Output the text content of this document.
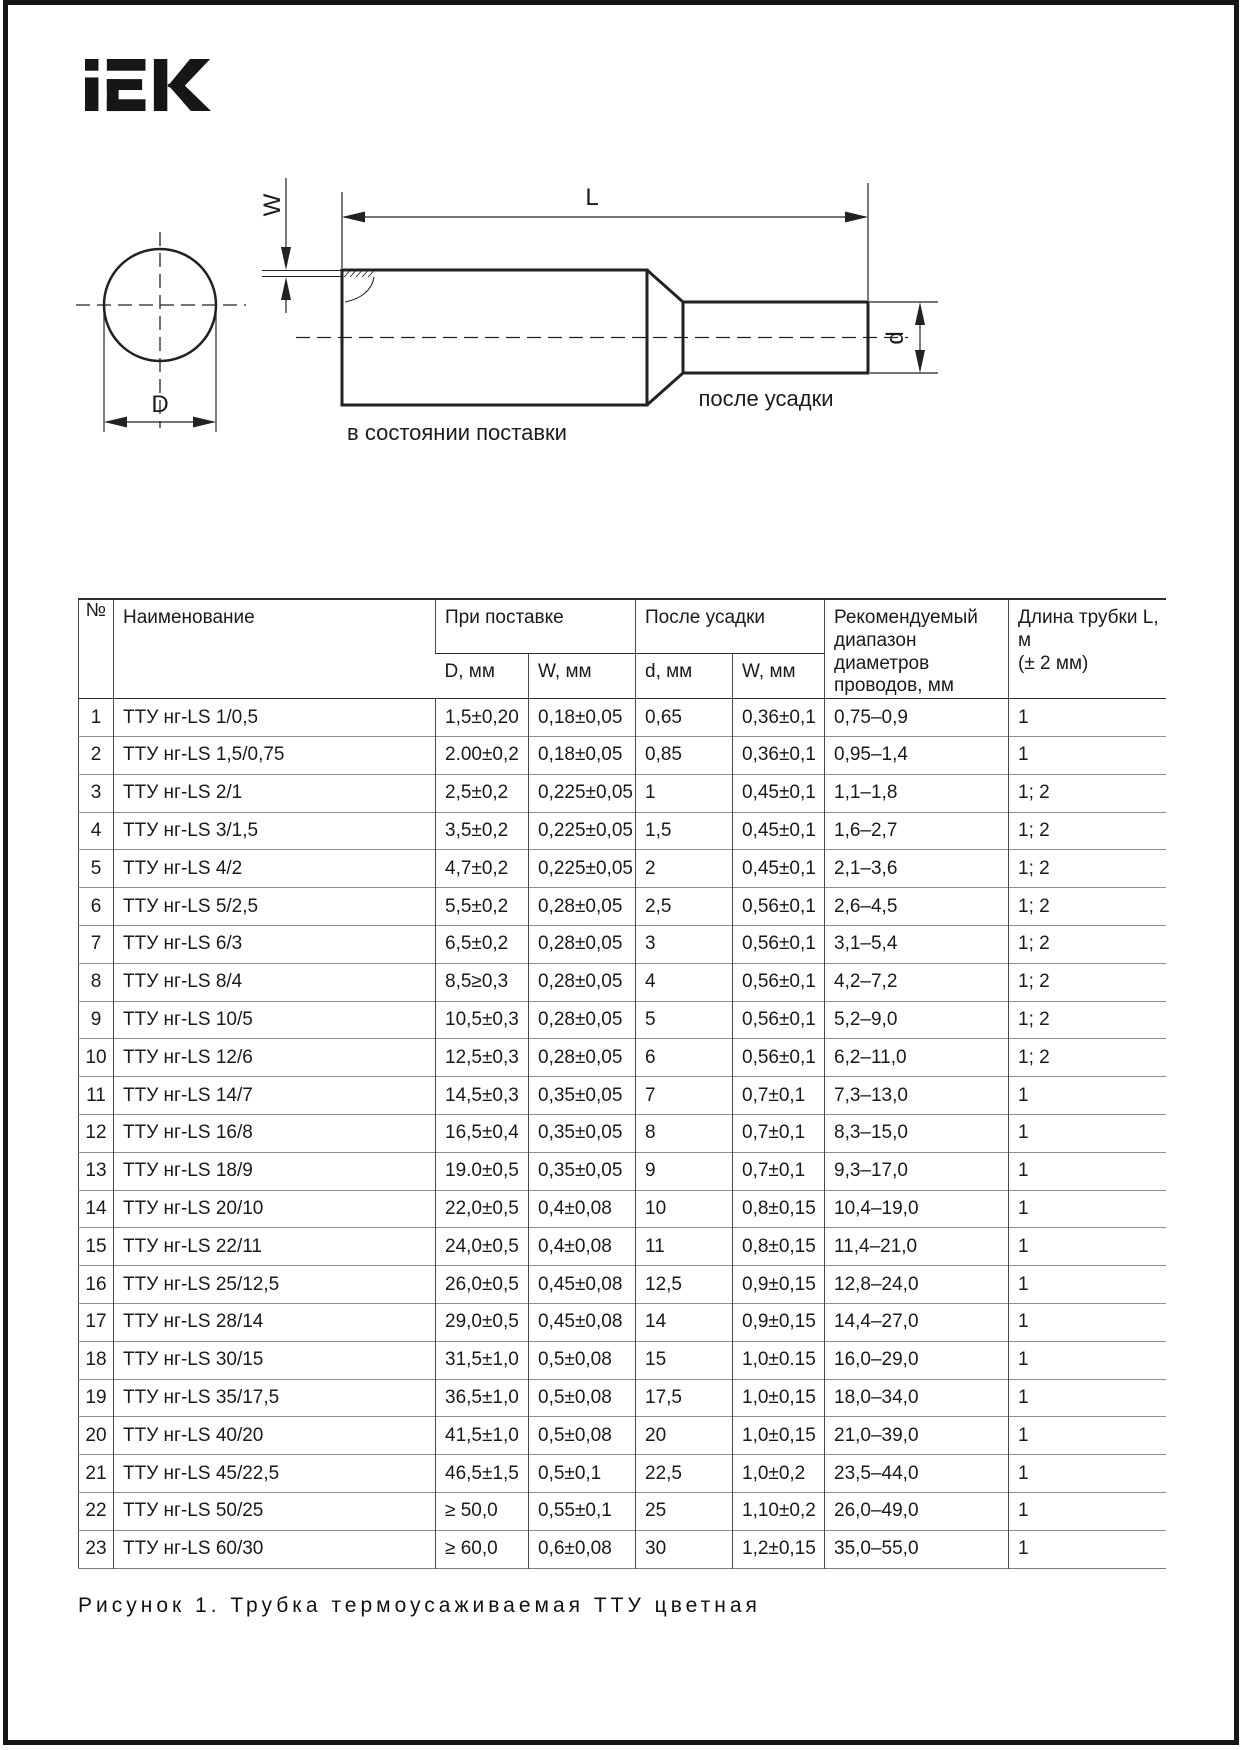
D
W	L
d
в состоянии поставки
после усадки
№	Наименование	При поставке		После усадки		Рекомендуемый диапазон диаметров проводов, мм	Длина трубки L, м
(± 2 мм)

		D, мм	W, мм	d, мм	W, мм		
1	ТТУ нг-LS 1/0,5	1,5±0,20	0,18±0,05	0,65	0,36±0,1	0,75–0,9	1
2	ТТУ нг-LS 1,5/0,75	2.00±0,2	0,18±0,05	0,85	0,36±0,1	0,95–1,4	1
3	ТТУ нг-LS 2/1	2,5±0,2	0,225±0,05	1	0,45±0,1	1,1–1,8	1; 2
4	ТТУ нг-LS 3/1,5	3,5±0,2	0,225±0,05	1,5	0,45±0,1	1,6–2,7	1; 2
5	ТТУ нг-LS 4/2	4,7±0,2	0,225±0,05	2	0,45±0,1	2,1–3,6	1; 2
6	ТТУ нг-LS 5/2,5	5,5±0,2	0,28±0,05	2,5	0,56±0,1	2,6–4,5	1; 2
7	ТТУ нг-LS 6/3	6,5±0,2	0,28±0,05	3	0,56±0,1	3,1–5,4	1; 2
8	ТТУ нг-LS 8/4	8,5≥0,3	0,28±0,05	4	0,56±0,1	4,2–7,2	1; 2
9	ТТУ нг-LS 10/5	10,5±0,3	0,28±0,05	5	0,56±0,1	5,2–9,0	1; 2
10	ТТУ нг-LS 12/6	12,5±0,3	0,28±0,05	6	0,56±0,1	6,2–11,0	1; 2
11	ТТУ нг-LS 14/7	14,5±0,3	0,35±0,05	7	0,7±0,1	7,3–13,0	1
12	ТТУ нг-LS 16/8	16,5±0,4	0,35±0,05	8	0,7±0,1	8,3–15,0	1
13	ТТУ нг-LS 18/9	19.0±0,5	0,35±0,05	9	0,7±0,1	9,3–17,0	1
14	ТТУ нг-LS 20/10	22,0±0,5	0,4±0,08	10	0,8±0,15	10,4–19,0	1
15	ТТУ нг-LS 22/11	24,0±0,5	0,4±0,08	11	0,8±0,15	11,4–21,0	1
16	ТТУ нг-LS 25/12,5	26,0±0,5	0,45±0,08	12,5	0,9±0,15	12,8–24,0	1
17	ТТУ нг-LS 28/14	29,0±0,5	0,45±0,08	14	0,9±0,15	14,4–27,0	1
18	ТТУ нг-LS 30/15	31,5±1,0	0,5±0,08	15	1,0±0.15	16,0–29,0	1
19	ТТУ нг-LS 35/17,5	36,5±1,0	0,5±0,08	17,5	1,0±0,15	18,0–34,0	1
20	ТТУ нг-LS 40/20	41,5±1,0	0,5±0,08	20	1,0±0,15	21,0–39,0	1
21	ТТУ нг-LS 45/22,5	46,5±1,5	0,5±0,1	22,5	1,0±0,2	23,5–44,0	1
22	ТТУ нг-LS 50/25	≥ 50,0	0,55±0,1	25	1,10±0,2	26,0–49,0	1
23	ТТУ нг-LS 60/30	≥ 60,0	0,6±0,08	30	1,2±0,15	35,0–55,0	1
Рисунок 1. Трубка термоусаживаемая ТТУ цветная
